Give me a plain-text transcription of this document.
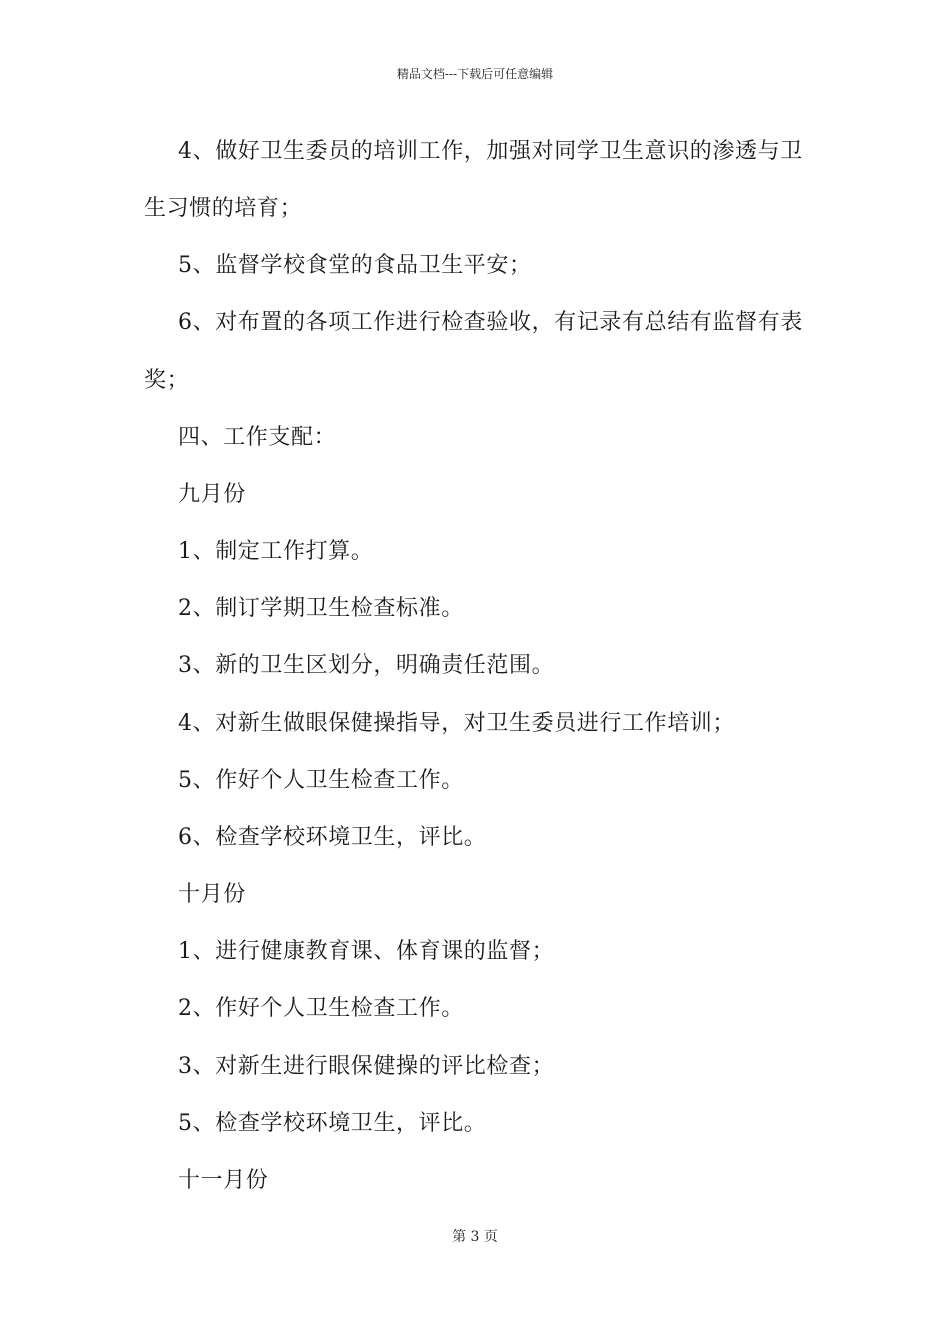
精品文档---下载后可任意编辑
4、做好卫生委员的培训工作，加强对同学卫生意识的渗透与卫
生习惯的培育；
5、监督学校食堂的食品卫生平安；
6、对布置的各项工作进行检查验收，有记录有总结有监督有表
奖；
四、工作支配：
九月份
1、制定工作打算。
2、制订学期卫生检查标准。
3、新的卫生区划分，明确责任范围。
4、对新生做眼保健操指导，对卫生委员进行工作培训；
5、作好个人卫生检查工作。
6、检查学校环境卫生，评比。
十月份
1、进行健康教育课、体育课的监督；
2、作好个人卫生检查工作。
3、对新生进行眼保健操的评比检查；
5、检查学校环境卫生，评比。
十一月份
第 3 页
